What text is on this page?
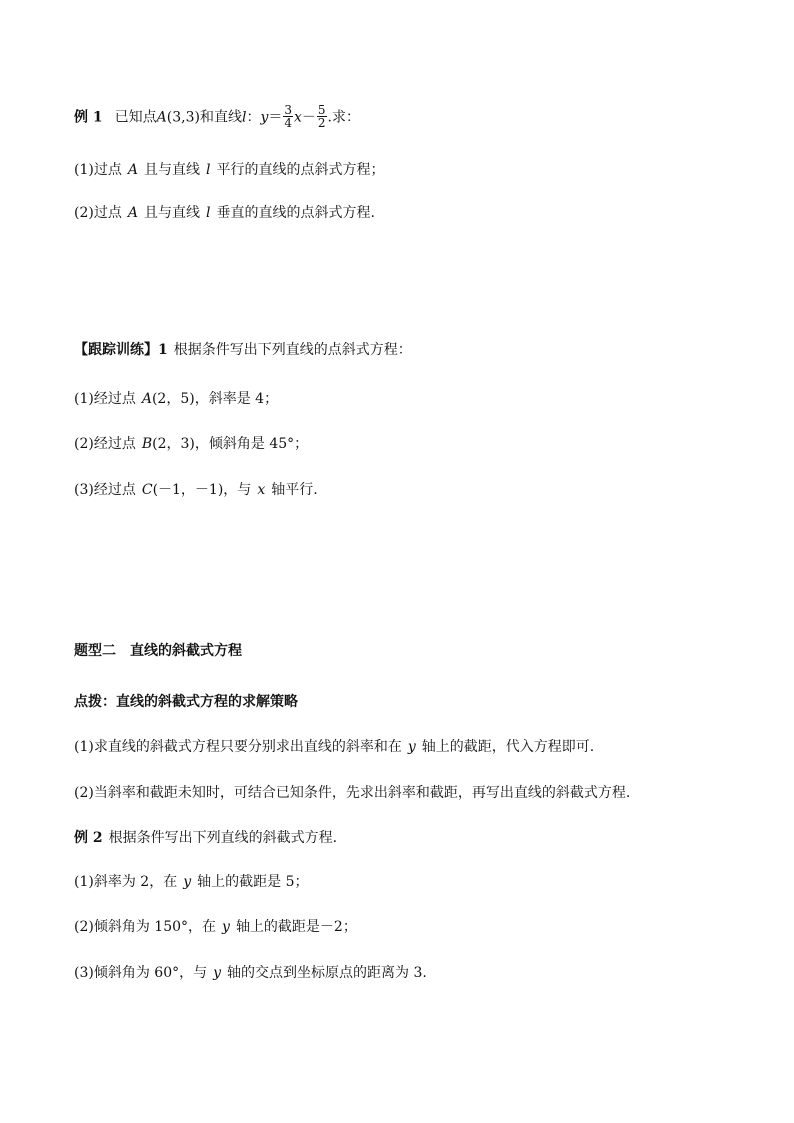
例 1 已知点A(3,3)和直线l：$y= \frac{3}{4} x- \frac{5}{2}$ .求：
(1)过点 A 且与直线 l 平行的直线的点斜式方程；
(2)过点 A 且与直线 l 垂直的直线的点斜式方程.
【跟踪训练】1 根据条件写出下列直线的点斜式方程：
(1)经过点 A(2，5)，斜率是 4；
(2)经过点 B(2，3)，倾斜角是 45°；
(3)经过点 C(－1，－1)，与 x 轴平行.
题型二　直线的斜截式方程
点拨：直线的斜截式方程的求解策略
(1)求直线的斜截式方程只要分别求出直线的斜率和在 y 轴上的截距，代入方程即可.
(2)当斜率和截距未知时，可结合已知条件，先求出斜率和截距，再写出直线的斜截式方程.
例 2 根据条件写出下列直线的斜截式方程.
(1)斜率为 2，在 y 轴上的截距是 5；
(2)倾斜角为 150°，在 y 轴上的截距是－2；
(3)倾斜角为 60°，与 y 轴的交点到坐标原点的距离为 3.
